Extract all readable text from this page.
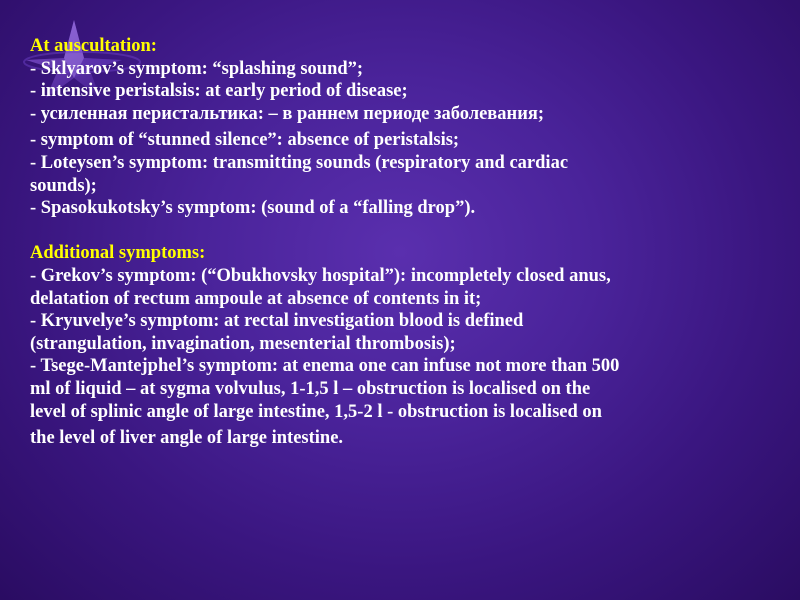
At auscultation:
- Sklyarov’s symptom: “splashing sound”;
- intensive peristalsis: at early period of disease;
- усиленная перистальтика: – в раннем периоде заболевания;
- symptom of “stunned silence”: absence of peristalsis;
- Loteysen’s symptom: transmitting sounds (respiratory and cardiac
sounds);
- Spasokukotsky’s symptom: (sound of a “falling drop”).
Additional symptoms:
- Grekov’s symptom: (“Obukhovsky hospital”): incompletely closed anus,
delatation of rectum ampoule at absence of contents in it;
- Kryuvelye’s symptom: at rectal investigation blood is defined
(strangulation, invagination, mesenterial thrombosis);
- Tsege-Mantejphel’s symptom: at enema one can infuse not more than 500
ml of liquid – at sygma volvulus, 1-1,5 l – obstruction is localised on the
level of splinic angle of large intestine, 1,5-2 l - obstruction is localised on
the level of liver angle of large intestine.
